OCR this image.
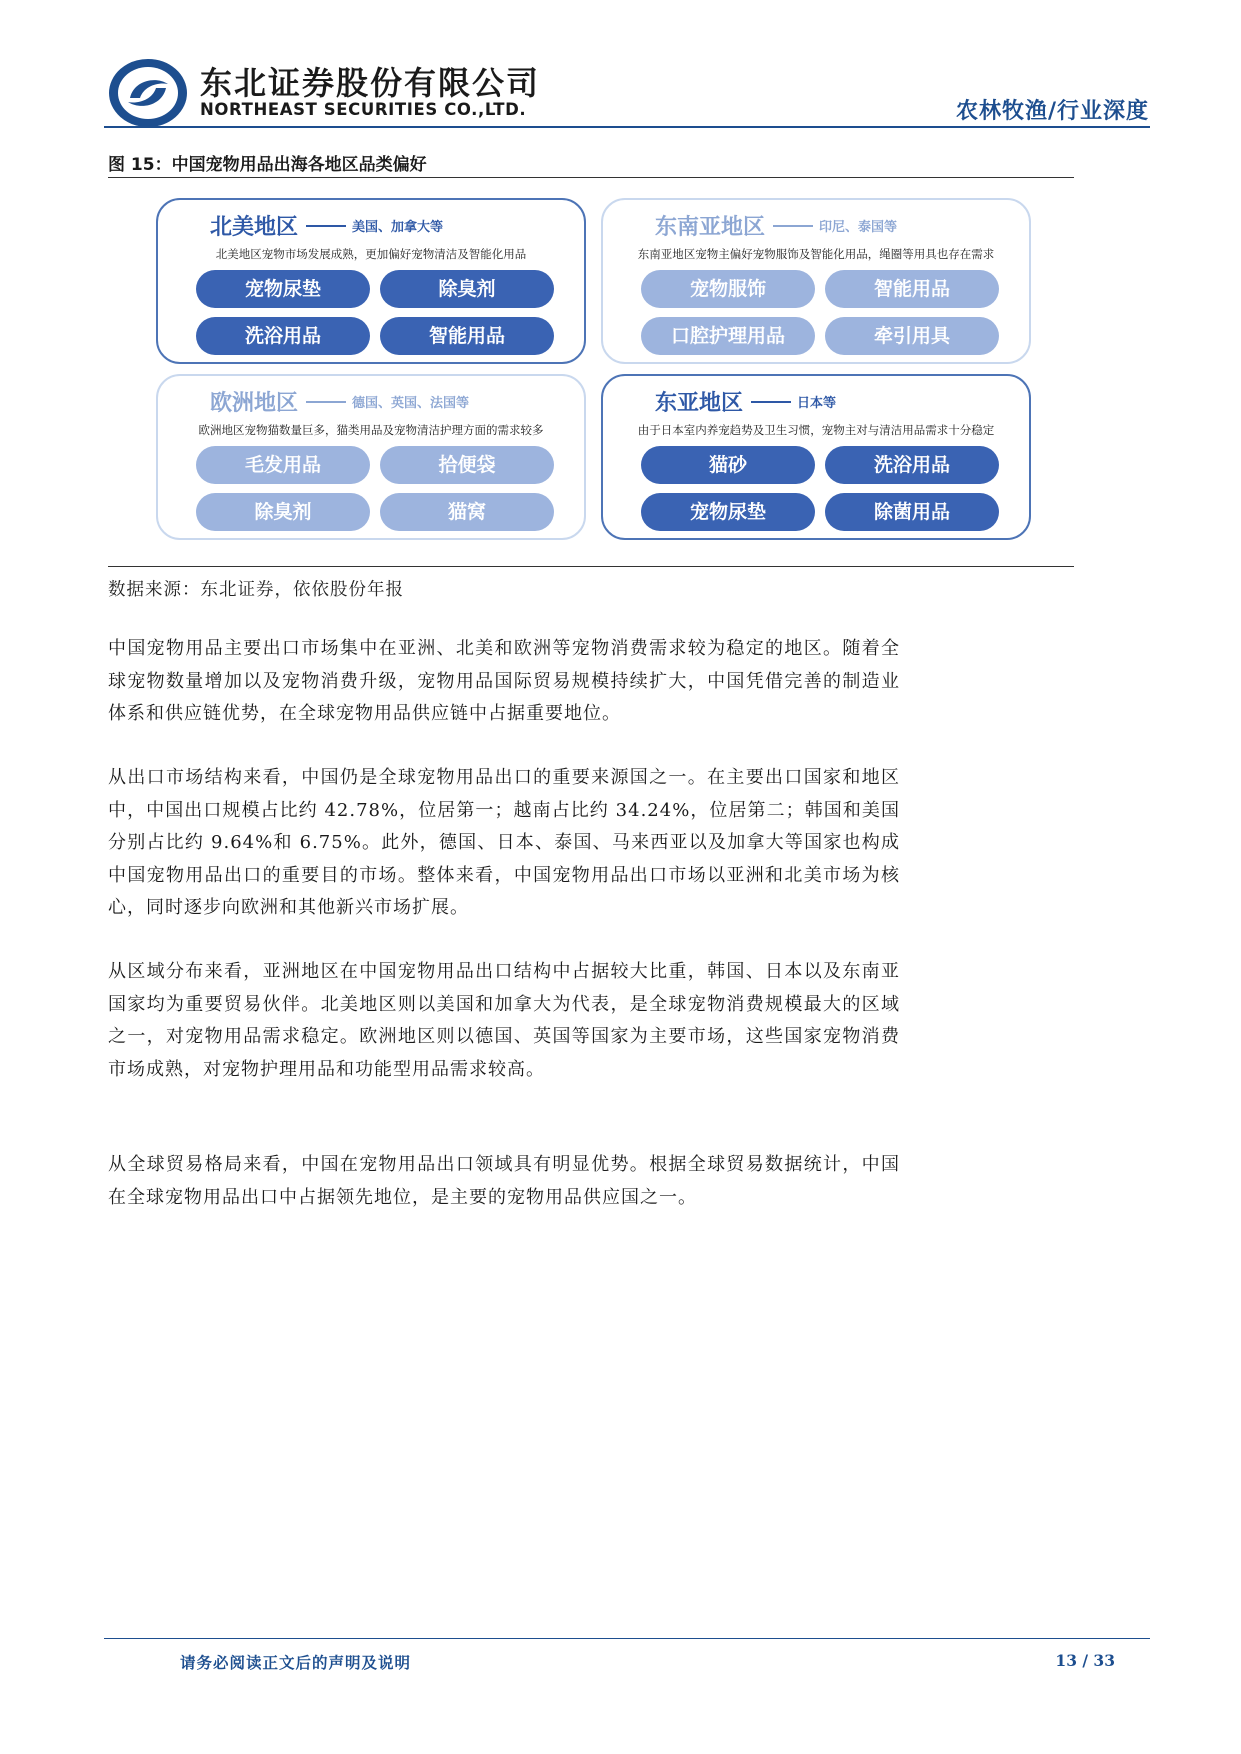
东北证券股份有限公司
NORTHEAST SECURITIES CO.,LTD.	农林牧渔/行业深度
图 15：中国宠物用品出海各地区品类偏好
北美地区	美国、加拿大等
北美地区宠物市场发展成熟，更加偏好宠物清洁及智能化用品
宠物尿垫	除臭剂
洗浴用品	智能用品
东南亚地区	印尼、泰国等
东南亚地区宠物主偏好宠物服饰及智能化用品，绳圈等用具也存在需求
宠物服饰	智能用品
口腔护理用品	牵引用具
欧洲地区	德国、英国、法国等
欧洲地区宠物猫数量巨多，猫类用品及宠物清洁护理方面的需求较多
毛发用品	拾便袋
除臭剂	猫窝
东亚地区	日本等
由于日本室内养宠趋势及卫生习惯，宠物主对与清洁用品需求十分稳定
猫砂	洗浴用品
宠物尿垫	除菌用品
数据来源：东北证券，依依股份年报

中国宠物用品主要出口市场集中在亚洲、北美和欧洲等宠物消费需求较为稳定的地区。随着全球宠物数量增加以及宠物消费升级，宠物用品国际贸易规模持续扩大，中国凭借完善的制造业体系和供应链优势，在全球宠物用品供应链中占据重要地位。

从出口市场结构来看，中国仍是全球宠物用品出口的重要来源国之一。在主要出口国家和地区中，中国出口规模占比约 42.78%，位居第一；越南占比约 34.24%，位居第二；韩国和美国分别占比约 9.64%和 6.75%。此外，德国、日本、泰国、马来西亚以及加拿大等国家也构成中国宠物用品出口的重要目的市场。整体来看，中国宠物用品出口市场以亚洲和北美市场为核心，同时逐步向欧洲和其他新兴市场扩展。

从区域分布来看，亚洲地区在中国宠物用品出口结构中占据较大比重，韩国、日本以及东南亚国家均为重要贸易伙伴。北美地区则以美国和加拿大为代表，是全球宠物消费规模最大的区域之一，对宠物用品需求稳定。欧洲地区则以德国、英国等国家为主要市场，这些国家宠物消费市场成熟，对宠物护理用品和功能型用品需求较高。

从全球贸易格局来看，中国在宠物用品出口领域具有明显优势。根据全球贸易数据统计，中国在全球宠物用品出口中占据领先地位，是主要的宠物用品供应国之一。

请务必阅读正文后的声明及说明	13 / 33
